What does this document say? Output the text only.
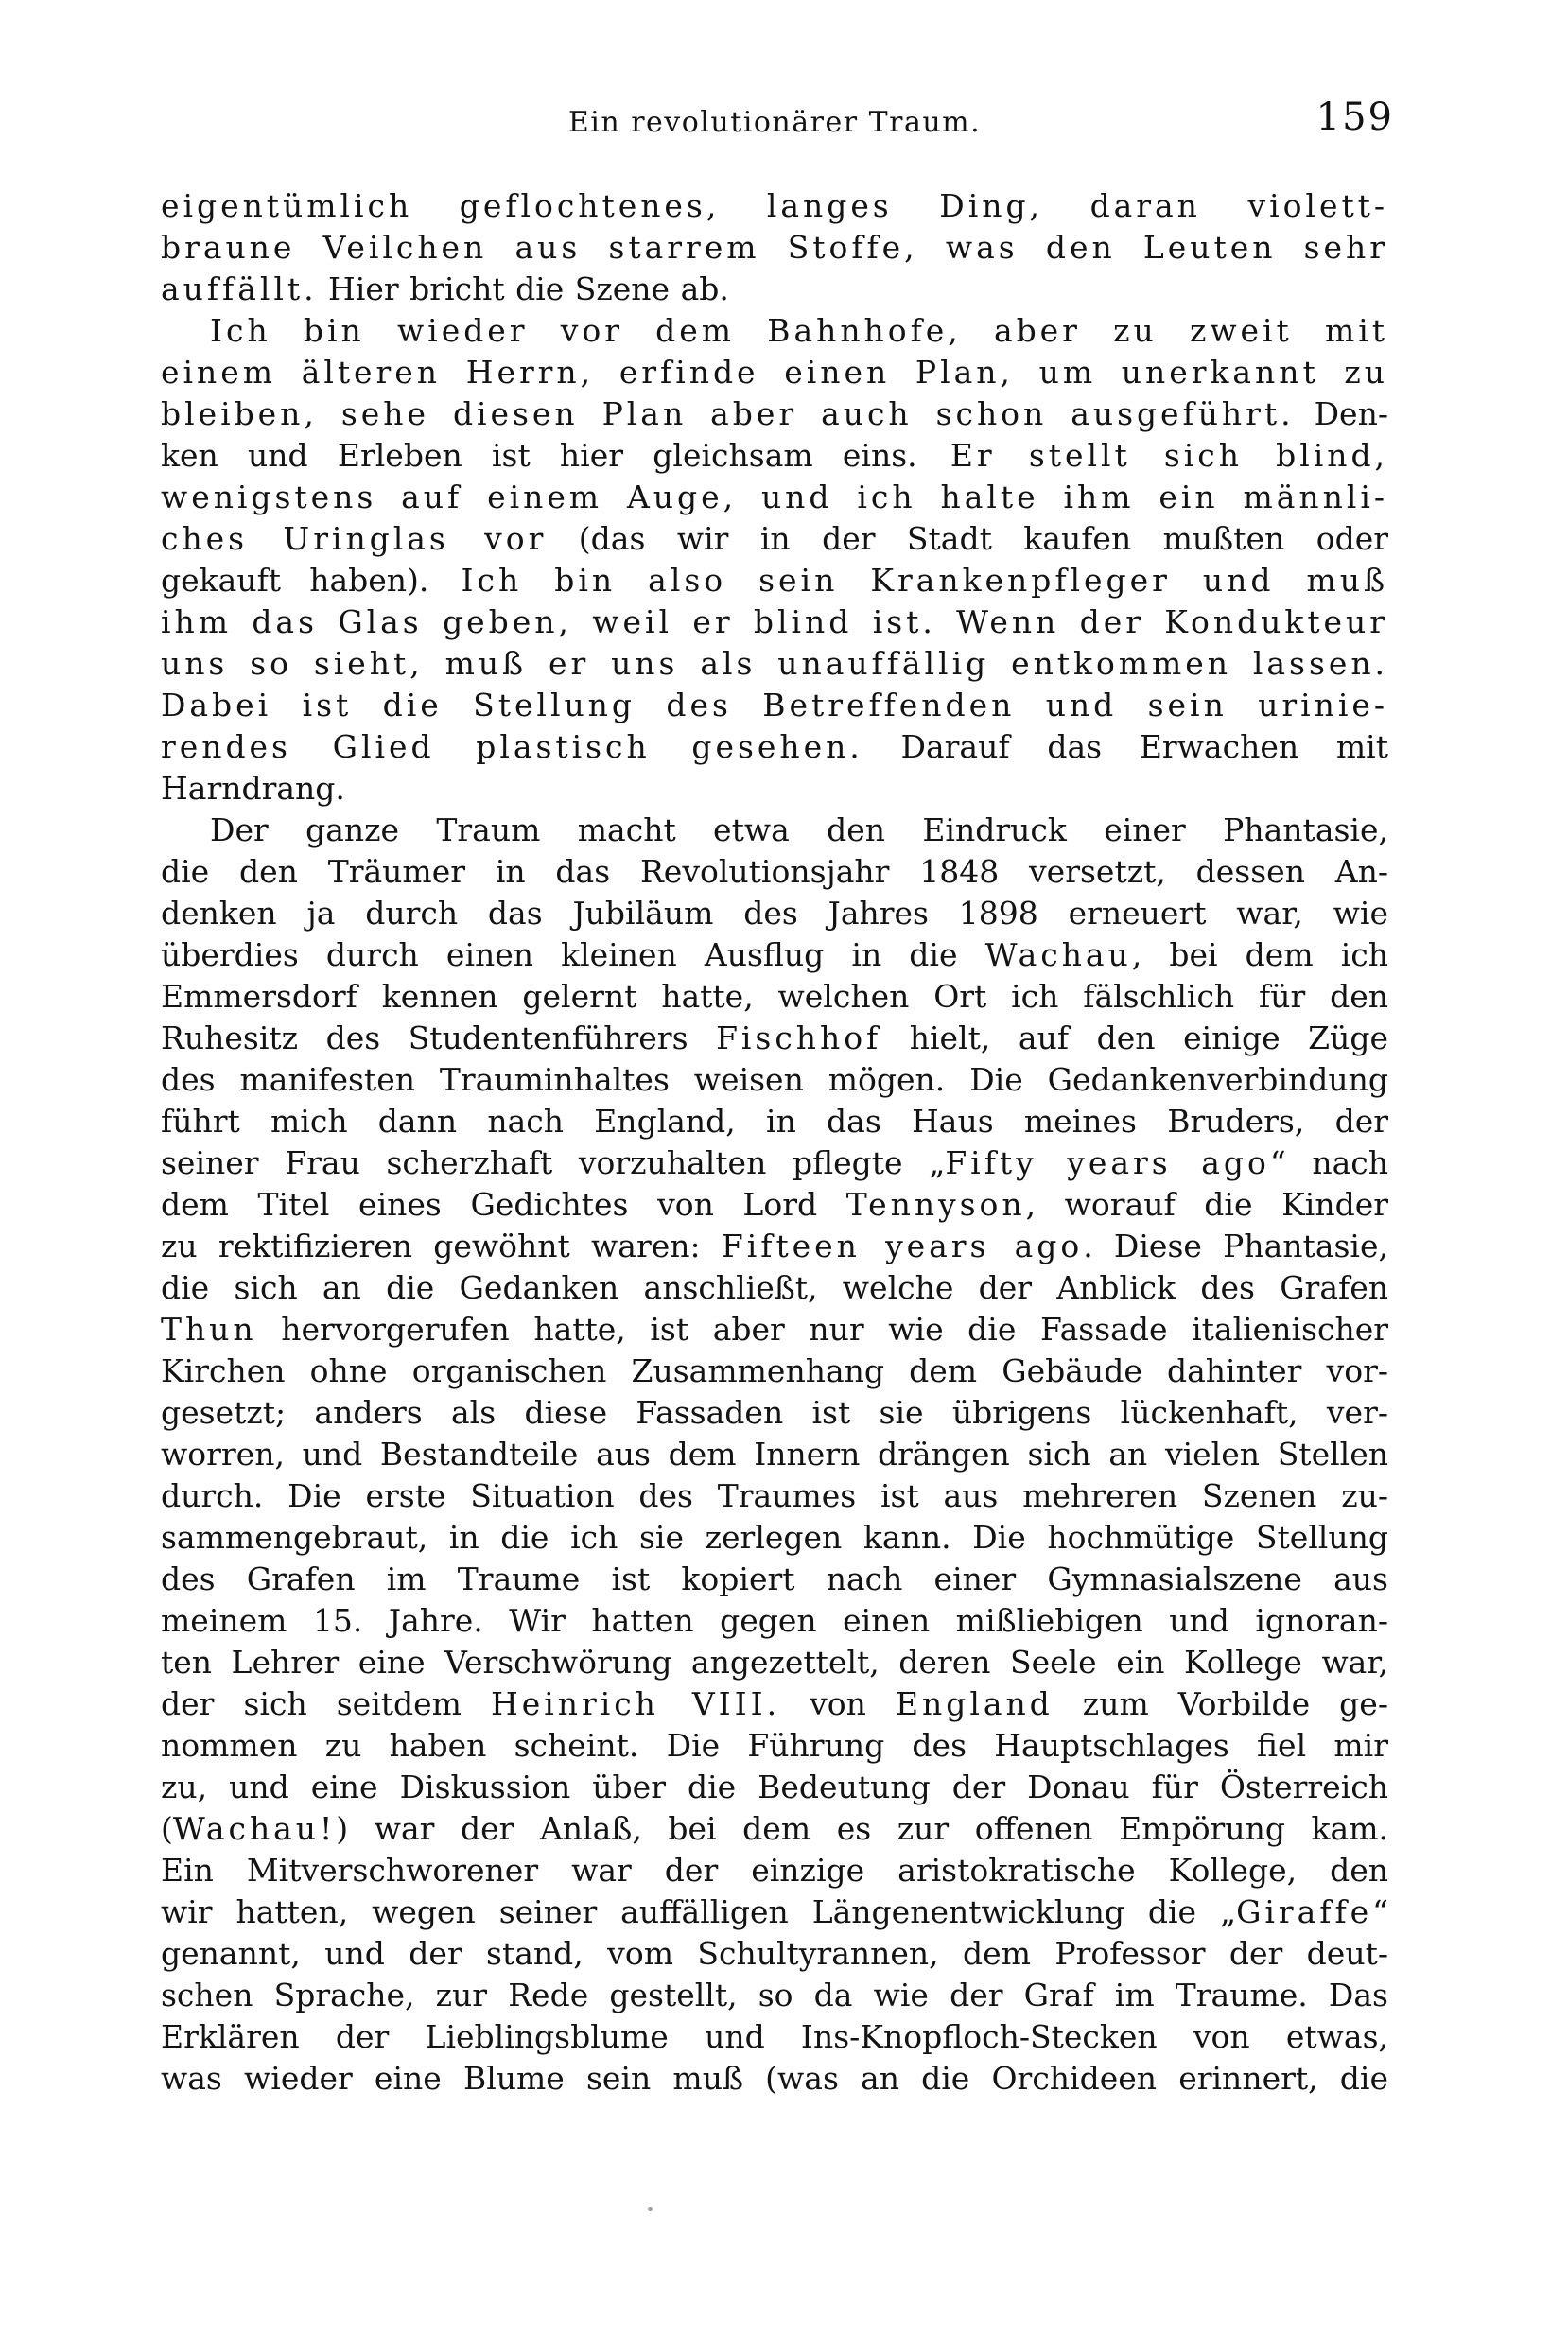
Ein revolutionärer Traum.	159
eigentümlich geflochtenes, langes Ding, daran violett-
braune Veilchen aus starrem Stoffe, was den Leuten sehr
auffällt. Hier bricht die Szene ab.
Ich bin wieder vor dem Bahnhofe, aber zu zweit mit
einem älteren Herrn, erfinde einen Plan, um unerkannt zu
bleiben, sehe diesen Plan aber auch schon ausgeführt. Den-
ken und Erleben ist hier gleichsam eins. Er stellt sich blind,
wenigstens auf einem Auge, und ich halte ihm ein männli-
ches Uringlas vor (das wir in der Stadt kaufen mußten oder
gekauft haben). Ich bin also sein Krankenpfleger und muß
ihm das Glas geben, weil er blind ist. Wenn der Kondukteur
uns so sieht, muß er uns als unauffällig entkommen lassen.
Dabei ist die Stellung des Betreffenden und sein urinie-
rendes Glied plastisch gesehen. Darauf das Erwachen mit
Harndrang.
Der ganze Traum macht etwa den Eindruck einer Phantasie,
die den Träumer in das Revolutionsjahr 1848 versetzt, dessen An-
denken ja durch das Jubiläum des Jahres 1898 erneuert war, wie
überdies durch einen kleinen Ausflug in die Wachau, bei dem ich
Emmersdorf kennen gelernt hatte, welchen Ort ich fälschlich für den
Ruhesitz des Studentenführers Fischhof hielt, auf den einige Züge
des manifesten Trauminhaltes weisen mögen. Die Gedankenverbindung
führt mich dann nach England, in das Haus meines Bruders, der
seiner Frau scherzhaft vorzuhalten pflegte „Fifty years ago“ nach
dem Titel eines Gedichtes von Lord Tennyson, worauf die Kinder
zu rektifizieren gewöhnt waren: Fifteen years ago. Diese Phantasie,
die sich an die Gedanken anschließt, welche der Anblick des Grafen
Thun hervorgerufen hatte, ist aber nur wie die Fassade italienischer
Kirchen ohne organischen Zusammenhang dem Gebäude dahinter vor-
gesetzt; anders als diese Fassaden ist sie übrigens lückenhaft, ver-
worren, und Bestandteile aus dem Innern drängen sich an vielen Stellen
durch. Die erste Situation des Traumes ist aus mehreren Szenen zu-
sammengebraut, in die ich sie zerlegen kann. Die hochmütige Stellung
des Grafen im Traume ist kopiert nach einer Gymnasialszene aus
meinem 15. Jahre. Wir hatten gegen einen mißliebigen und ignoran-
ten Lehrer eine Verschwörung angezettelt, deren Seele ein Kollege war,
der sich seitdem Heinrich VIII. von England zum Vorbilde ge-
nommen zu haben scheint. Die Führung des Hauptschlages fiel mir
zu, und eine Diskussion über die Bedeutung der Donau für Österreich
(Wachau!) war der Anlaß, bei dem es zur offenen Empörung kam.
Ein Mitverschworener war der einzige aristokratische Kollege, den
wir hatten, wegen seiner auffälligen Längenentwicklung die „Giraffe“
genannt, und der stand, vom Schultyrannen, dem Professor der deut-
schen Sprache, zur Rede gestellt, so da wie der Graf im Traume. Das
Erklären der Lieblingsblume und Ins-Knopfloch-Stecken von etwas,
was wieder eine Blume sein muß (was an die Orchideen erinnert, die
